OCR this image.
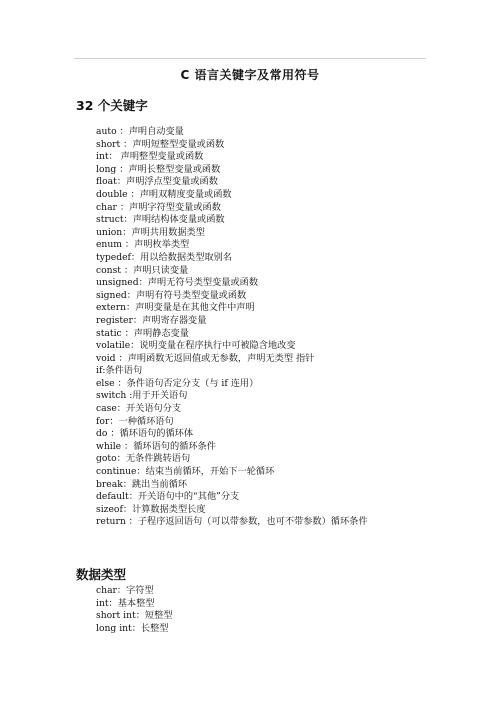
C 语言关键字及常用符号
32 个关键字
auto ：声明自动变量
short ：声明短整型变量或函数
int： 声明整型变量或函数
long ：声明长整型变量或函数
float：声明浮点型变量或函数
double ：声明双精度变量或函数
char ：声明字符型变量或函数
struct：声明结构体变量或函数
union：声明共用数据类型
enum ：声明枚举类型
typedef：用以给数据类型取别名
const ：声明只读变量
unsigned：声明无符号类型变量或函数
signed：声明有符号类型变量或函数
extern：声明变量是在其他文件中声明
register：声明寄存器变量
static ：声明静态变量
volatile：说明变量在程序执行中可被隐含地改变
void ：声明函数无返回值或无参数，声明无类型 指针
if:条件语句
else ：条件语句否定分支（与 if 连用）
switch :用于开关语句
case：开关语句分支
for：一种循环语句
do ：循环语句的循环体
while ：循环语句的循环条件
goto：无条件跳转语句
continue：结束当前循环，开始下一轮循环
break：跳出当前循环
default：开关语句中的“其他”分支
sizeof：计算数据类型长度
return ：子程序返回语句（可以带参数，也可不带参数）循环条件
数据类型
char：字符型
int：基本整型
short int：短整型
long int：长整型
